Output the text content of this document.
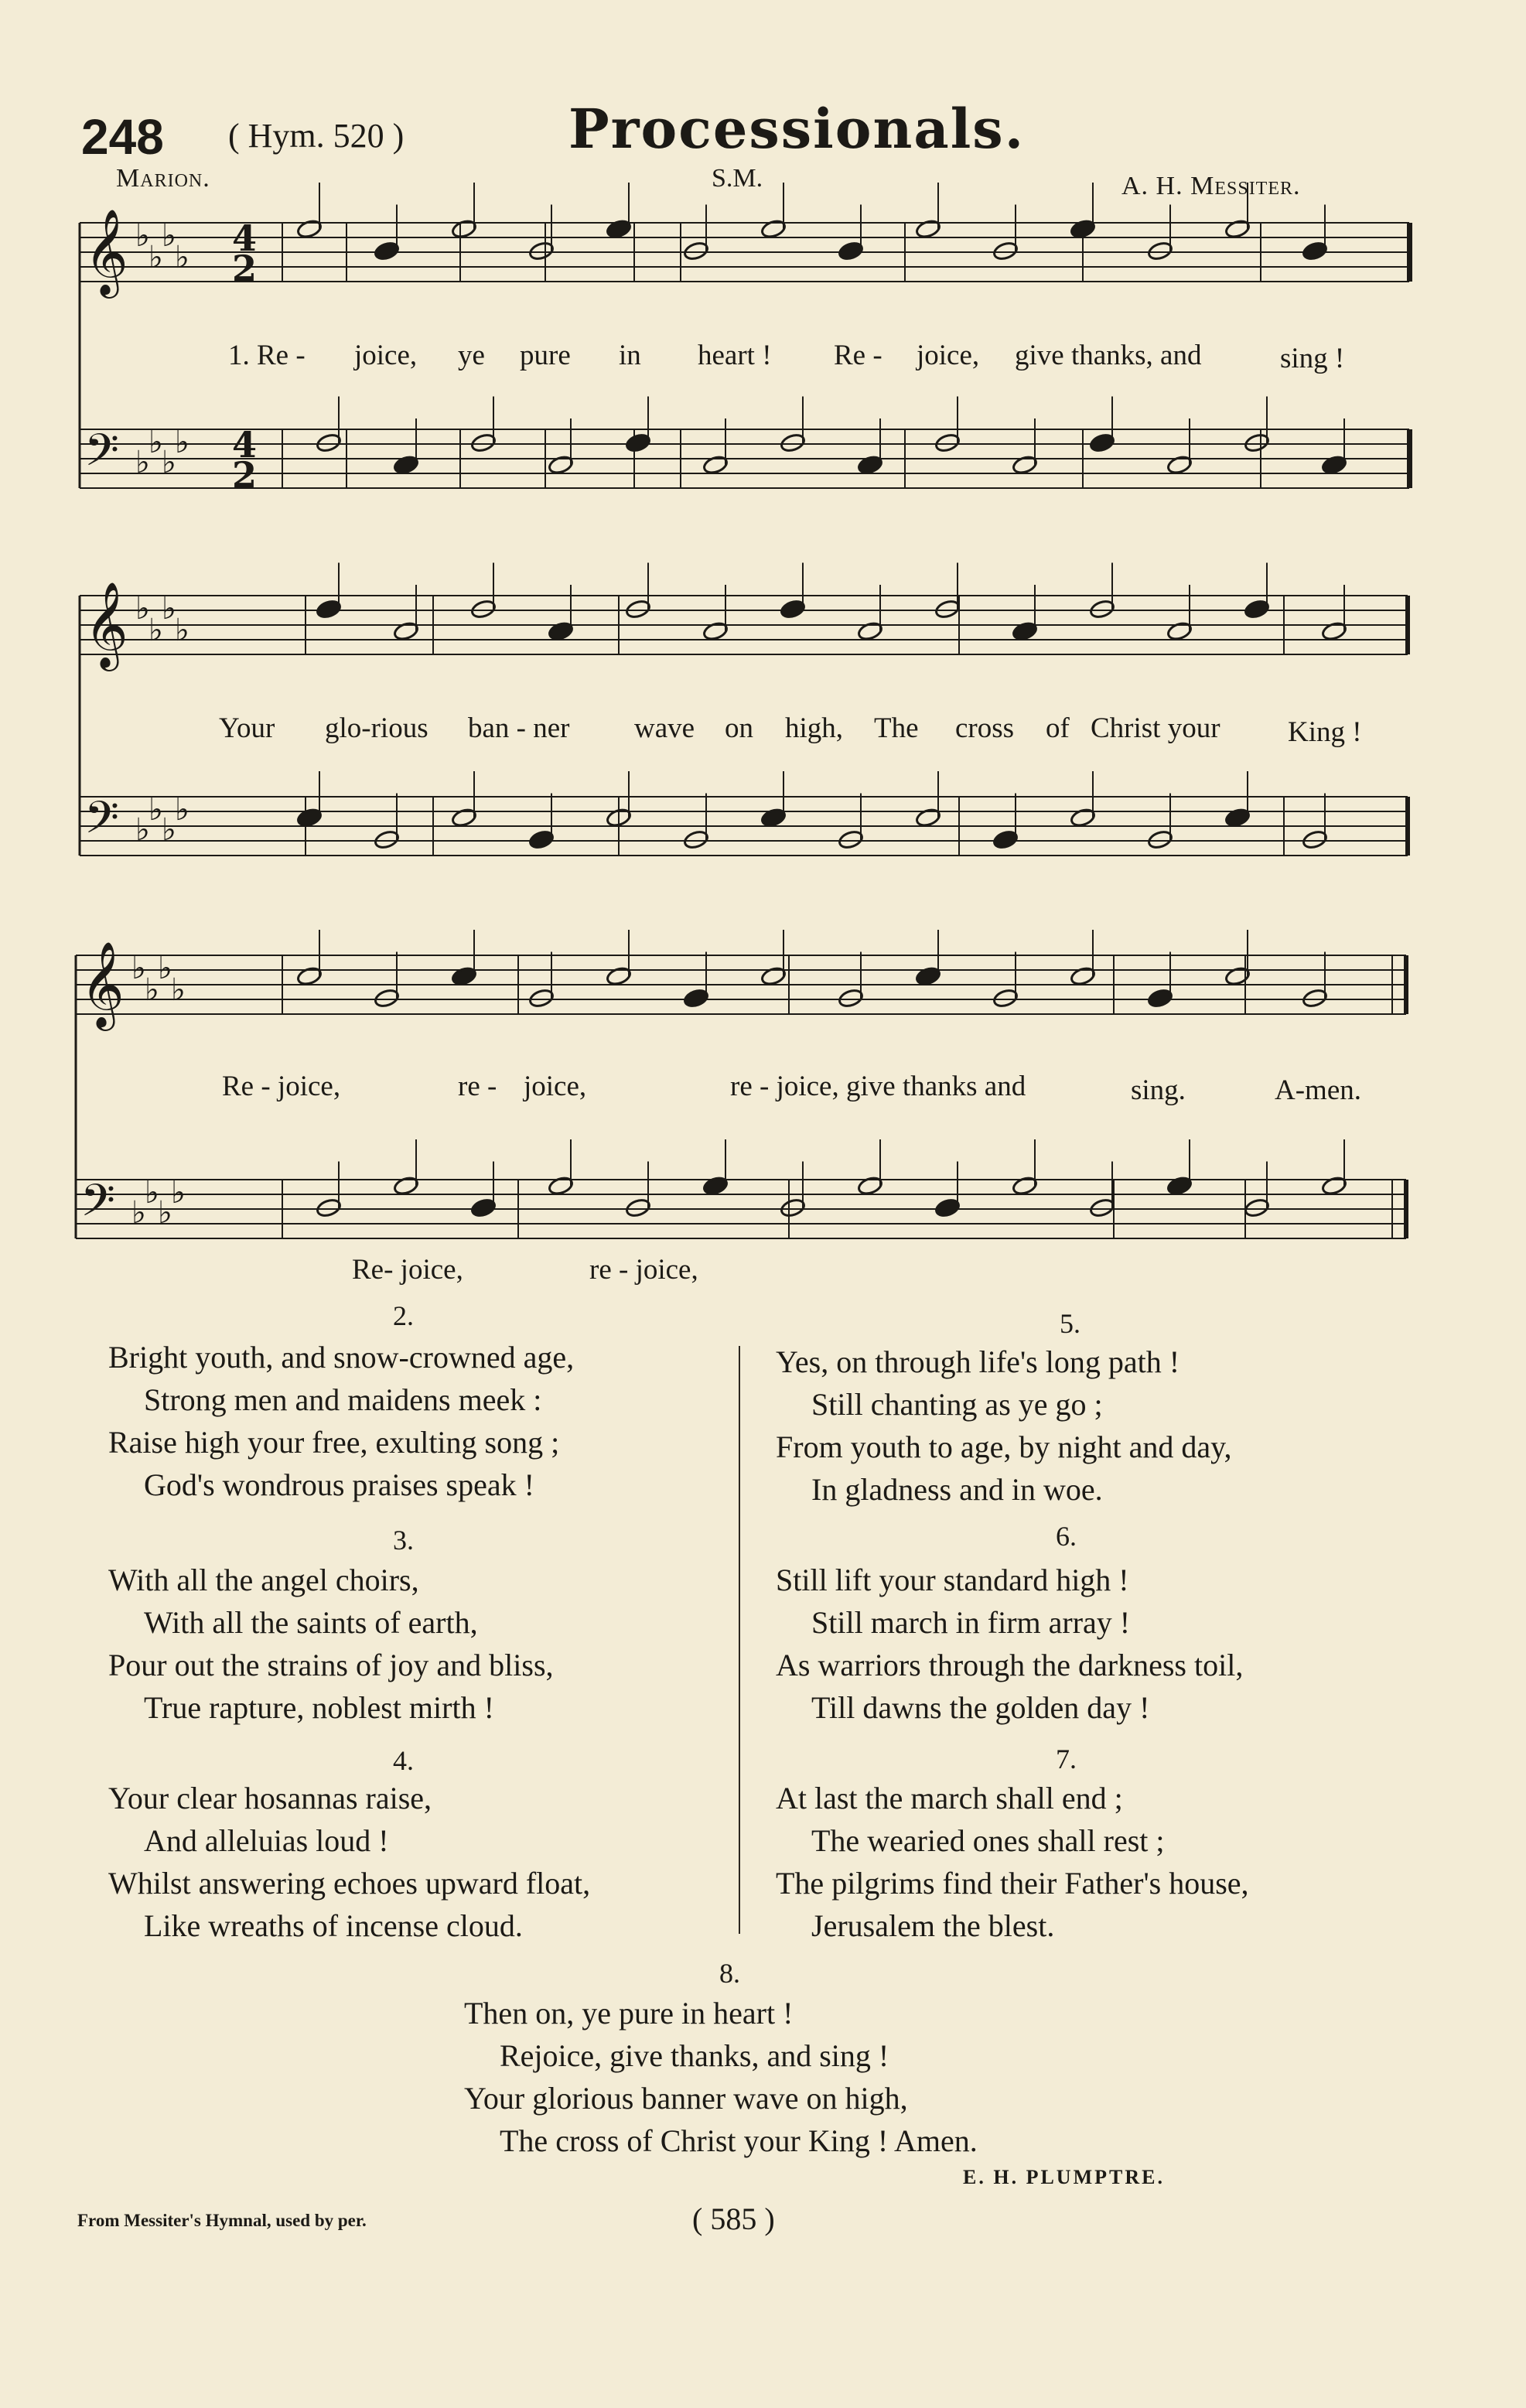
248 ( Hym. 520 )	Processionals.
Marion.	S.M.	A. H. Messiter.
𝄞 ♭
♭
♭
♭
𝄢 ♭
♭
♭
♭
𝄞 ♭
♭
♭
♭
𝄢 ♭
♭
♭
♭
𝄞 ♭
♭
♭
♭
𝄢 ♭
♭
♭
♭
4
2
4
2
1. Re - joice, ye pure in heart ! Re - joice, give thanks, and	sing !
Your glo-rious ban - ner wave on high, The cross of Christ your King !
Re - joice,	re - joice,	re - joice, give thanks and	sing.	A-men.
Re- joice,	re - joice,
2.
Bright youth, and snow-crowned age,
Strong men and maidens meek :
Raise high your free, exulting song ;
God's wondrous praises speak !
3.
With all the angel choirs,
With all the saints of earth,
Pour out the strains of joy and bliss,
True rapture, noblest mirth !
4.
Your clear hosannas raise,
And alleluias loud !
Whilst answering echoes upward float,
Like wreaths of incense cloud.
5.
Yes, on through life's long path !
Still chanting as ye go ;
From youth to age, by night and day,
In gladness and in woe.
6.
Still lift your standard high !
Still march in firm array !
As warriors through the darkness toil,
Till dawns the golden day !
7.
At last the march shall end ;
The wearied ones shall rest ;
The pilgrims find their Father's house,
Jerusalem the blest.
8.
Then on, ye pure in heart !
Rejoice, give thanks, and sing !
Your glorious banner wave on high,
The cross of Christ your King ! Amen.
E. H. PLUMPTRE.
From Messiter's Hymnal, used by per.	( 585 )
